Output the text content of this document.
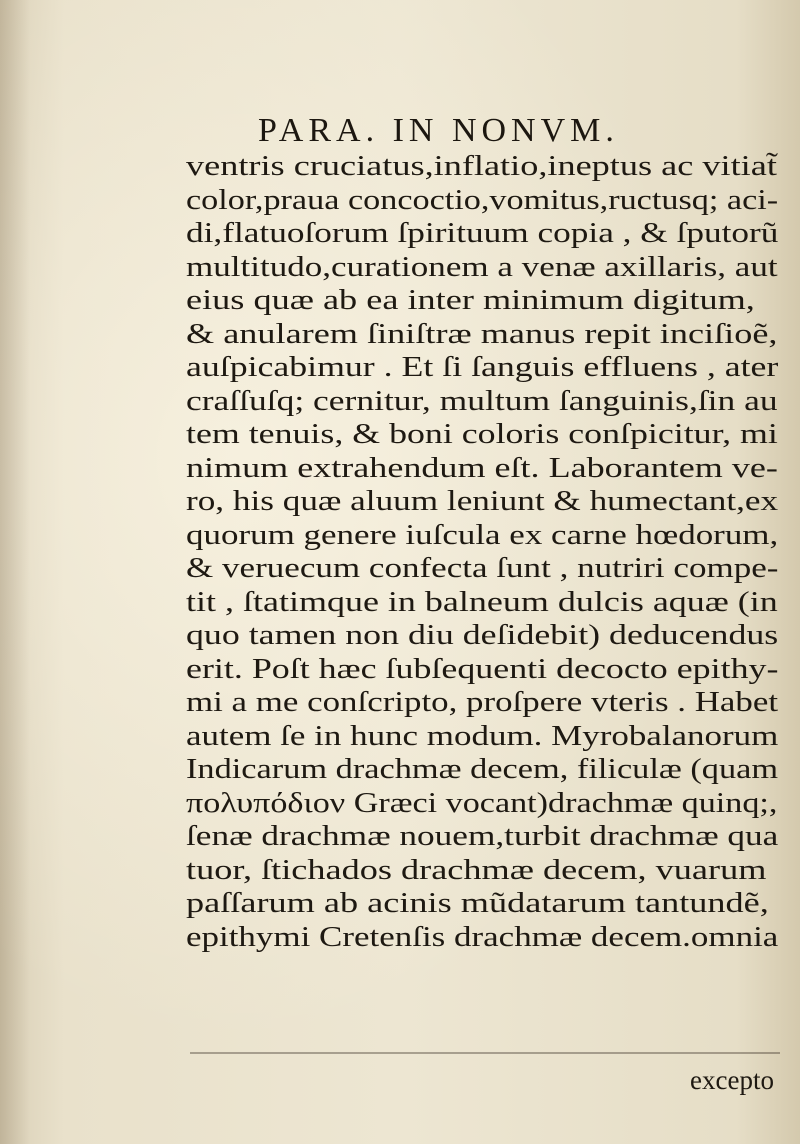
PARA. IN NONVM.
ventris cruciatus,inflatio,ineptus ac vitiat̃
color,praua concoctio,vomitus,ructusq; aci-
di,flatuoſorum ſpirituum copia , & ſputorũ
multitudo,curationem a venæ axillaris, aut
eius quæ ab ea inter minimum digitum,
& anularem ſiniſtræ manus repit inciſioẽ,
auſpicabimur . Et ſi ſanguis effluens , ater
craſſuſq; cernitur, multum ſanguinis,ſin au
tem tenuis, & boni coloris conſpicitur, mi
nimum extrahendum eſt. Laborantem ve-
ro, his quæ aluum leniunt & humectant,ex
quorum genere iuſcula ex carne hœdorum,
& veruecum confecta ſunt , nutriri compe-
tit , ſtatimque in balneum dulcis aquæ (in
quo tamen non diu deſidebit) deducendus
erit. Poſt hæc ſubſequenti decocto epithy-
mi a me conſcripto, proſpere vteris . Habet
autem ſe in hunc modum. Myrobalanorum
Indicarum drachmæ decem, filiculæ (quam
πολυπόδιον Græci vocant)drachmæ quinq;,
ſenæ drachmæ nouem,turbit drachmæ qua
tuor, ſtichados drachmæ decem, vuarum
paſſarum ab acinis mũdatarum tantundẽ,
epithymi Cretenſis drachmæ decem.omnia
excepto
